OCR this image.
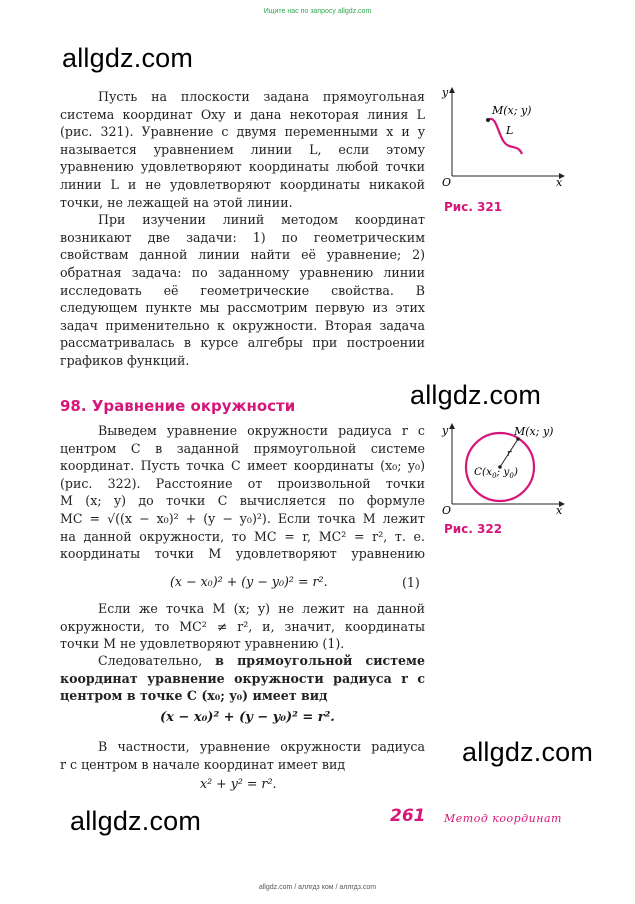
Ищите нас по запросу allgdz.com
allgdz.com
allgdz.com
allgdz.com
allgdz.com

Пусть на плоскости задана прямоугольная система координат Oxy и дана некоторая линия L (рис. 321). Уравнение с двумя переменными x и y называется уравнением линии L, если этому уравнению удовлетворяют координаты любой точки линии L и не удовлетворяют координаты никакой точки, не лежащей на этой линии.

При изучении линий методом координат возникают две задачи: 1) по геометрическим свойствам данной линии найти её уравнение; 2) обратная задача: по заданному уравнению линии исследовать её геометрические свойства. В следующем пункте мы рассмотрим первую из этих задач применительно к окружности. Вторая задача рассматривалась в курсе алгебры при построении графиков функций.

y
x
O
M(x; y)
L
Рис. 321
98. Уравнение окружности
y
x
O
M(x; y)
r
$C(x_0$; $y_0$)
Рис. 322
Выведем уравнение окружности радиуса r с
центром C в заданной прямоугольной системе
координат. Пусть точка C имеет координаты (x₀; y₀)
(рис. 322). Расстояние от произвольной точки
M (x; y) до точки C вычисляется по формуле
MC = √((x − x₀)² + (y − y₀)²). Если точка M лежит
на данной окружности, то MC = r, MC² = r², т. е.
координаты точки M удовлетворяют уравнению
(x − x₀)² + (y − y₀)² = r².	(1)
Если же точка M (x; y) не лежит на данной
окружности, то MC² ≠ r², и, значит, координаты
точки M не удовлетворяют уравнению (1).
Следовательно, в прямоугольной системе
координат уравнение окружности радиуса r с
центром в точке C (x₀; y₀) имеет вид
(x − x₀)² + (y − y₀)² = r².
В частности, уравнение окружности радиуса
r с центром в начале координат имеет вид
x² + y² = r².
261 Метод координат
allgdz.com / аллгдз ком / аллгдз.com
